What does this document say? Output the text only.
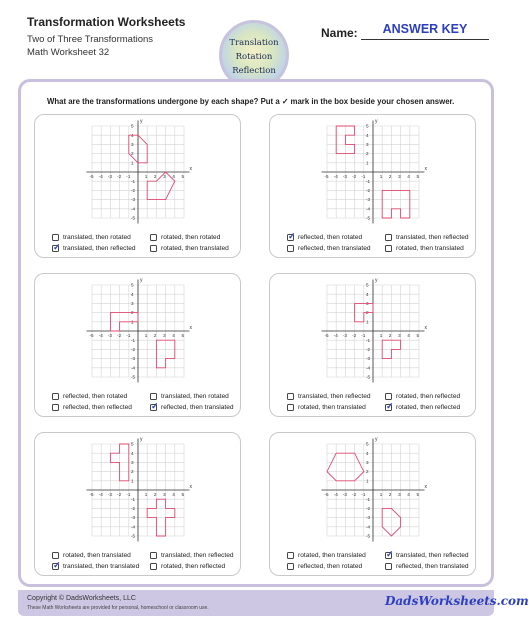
Transformation Worksheets
Two of Three Transformations
Math Worksheet 32
Translation
Rotation
Reflection
Name:	ANSWER KEY
What are the transformations undergone by each shape? Put a ✓ mark in the box beside your chosen answer.
x
y
-5
-5
-4
-4
-3
-3
-2
-2
-1
-1
1
1
2
2
3
3
4
4
5
5
translated, then rotated	rotated, then rotated
✓ translated, then reflected	rotated, then translated
x
y
-5
-5
-4
-4
-3
-3
-2
-2
-1
-1
1
1
2
2
3
3
4
4
5
5
✓ reflected, then rotated	translated, then reflected
reflected, then translated	rotated, then translated
x
y
-5
-5
-4
-4
-3
-3
-2
-2
-1
-1
1
1
2
2
3
3
4
4
5
5
reflected, then rotated	translated, then rotated
reflected, then reflected ✓ reflected, then translated
x
y
-5
-5
-4
-4
-3
-3
-2
-2
-1
-1
1
1
2
2
3
3
4
4
5
5
translated, then reflected	rotated, then reflected
rotated, then translated ✓ rotated, then reflected
x
y
-5
-5
-4
-4
-3
-3
-2
-2
-1
-1
1
1
2
2
3
3
4
4
5
5
rotated, then translated	translated, then reflected
✓ translated, then translated	rotated, then reflected
x
y
-5
-5
-4
-4
-3
-3
-2
-2
-1
-1
1
1
2
2
3
3
4
4
5
5
rotated, then translated ✓ translated, then reflected
reflected, then rotated	reflected, then translated
Copyright © DadsWorksheets, LLC
These Math Worksheets are provided for personal, homeschool or classroom use.	DadsWorksheets.com
